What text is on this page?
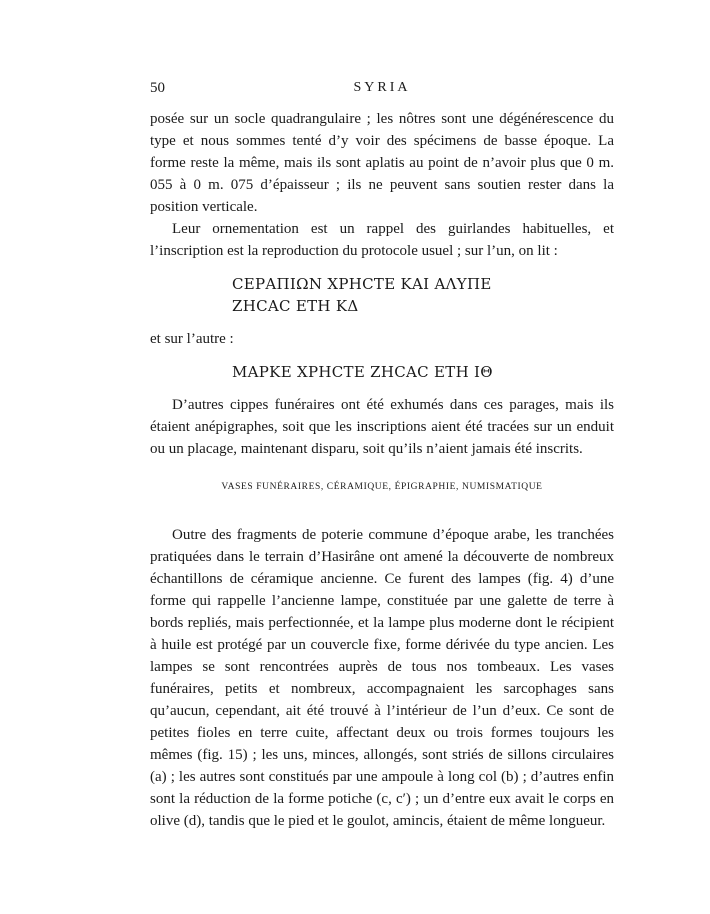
50	SYRIA

posée sur un socle quadrangulaire ; les nôtres sont une dégénérescence du type et nous sommes tenté d’y voir des spécimens de basse époque. La forme reste la même, mais ils sont aplatis au point de n’avoir plus que 0 m. 055 à 0 m. 075 d’épaisseur ; ils ne peuvent sans soutien rester dans la position verticale.

Leur ornementation est un rappel des guirlandes habituelles, et l’inscription est la reproduction du protocole usuel ; sur l’un, on lit :

CΕΡΑΠΙΩΝ ΧΡΗCΤΕ ΚΑΙ ΑΛΥΠΕ

ΖΗCΑC ΕΤΗ ΚΔ

et sur l’autre :

ΜΑΡΚΕ ΧΡΗCΤΕ ΖΗCΑC ΕΤΗ ΙΘ

D’autres cippes funéraires ont été exhumés dans ces parages, mais ils étaient anépigraphes, soit que les inscriptions aient été tracées sur un enduit ou un placage, maintenant disparu, soit qu’ils n’aient jamais été inscrits.

VASES FUNÉRAIRES, CÉRAMIQUE, ÉPIGRAPHIE, NUMISMATIQUE

Outre des fragments de poterie commune d’époque arabe, les tranchées pratiquées dans le terrain d’Hasirâne ont amené la découverte de nombreux échantillons de céramique ancienne. Ce furent des lampes (fig. 4) d’une forme qui rappelle l’ancienne lampe, constituée par une galette de terre à bords repliés, mais perfectionnée, et la lampe plus moderne dont le récipient à huile est protégé par un couvercle fixe, forme dérivée du type ancien. Les lampes se sont rencontrées auprès de tous nos tombeaux. Les vases funéraires, petits et nombreux, accompagnaient les sarcophages sans qu’aucun, cependant, ait été trouvé à l’intérieur de l’un d’eux. Ce sont de petites fioles en terre cuite, affectant deux ou trois formes toujours les mêmes (fig. 15) ; les uns, minces, allongés, sont striés de sillons circulaires (a) ; les autres sont constitués par une ampoule à long col (b) ; d’autres enfin sont la réduction de la forme potiche (c, c′) ; un d’entre eux avait le corps en olive (d), tandis que le pied et le goulot, amincis, étaient de même longueur.
